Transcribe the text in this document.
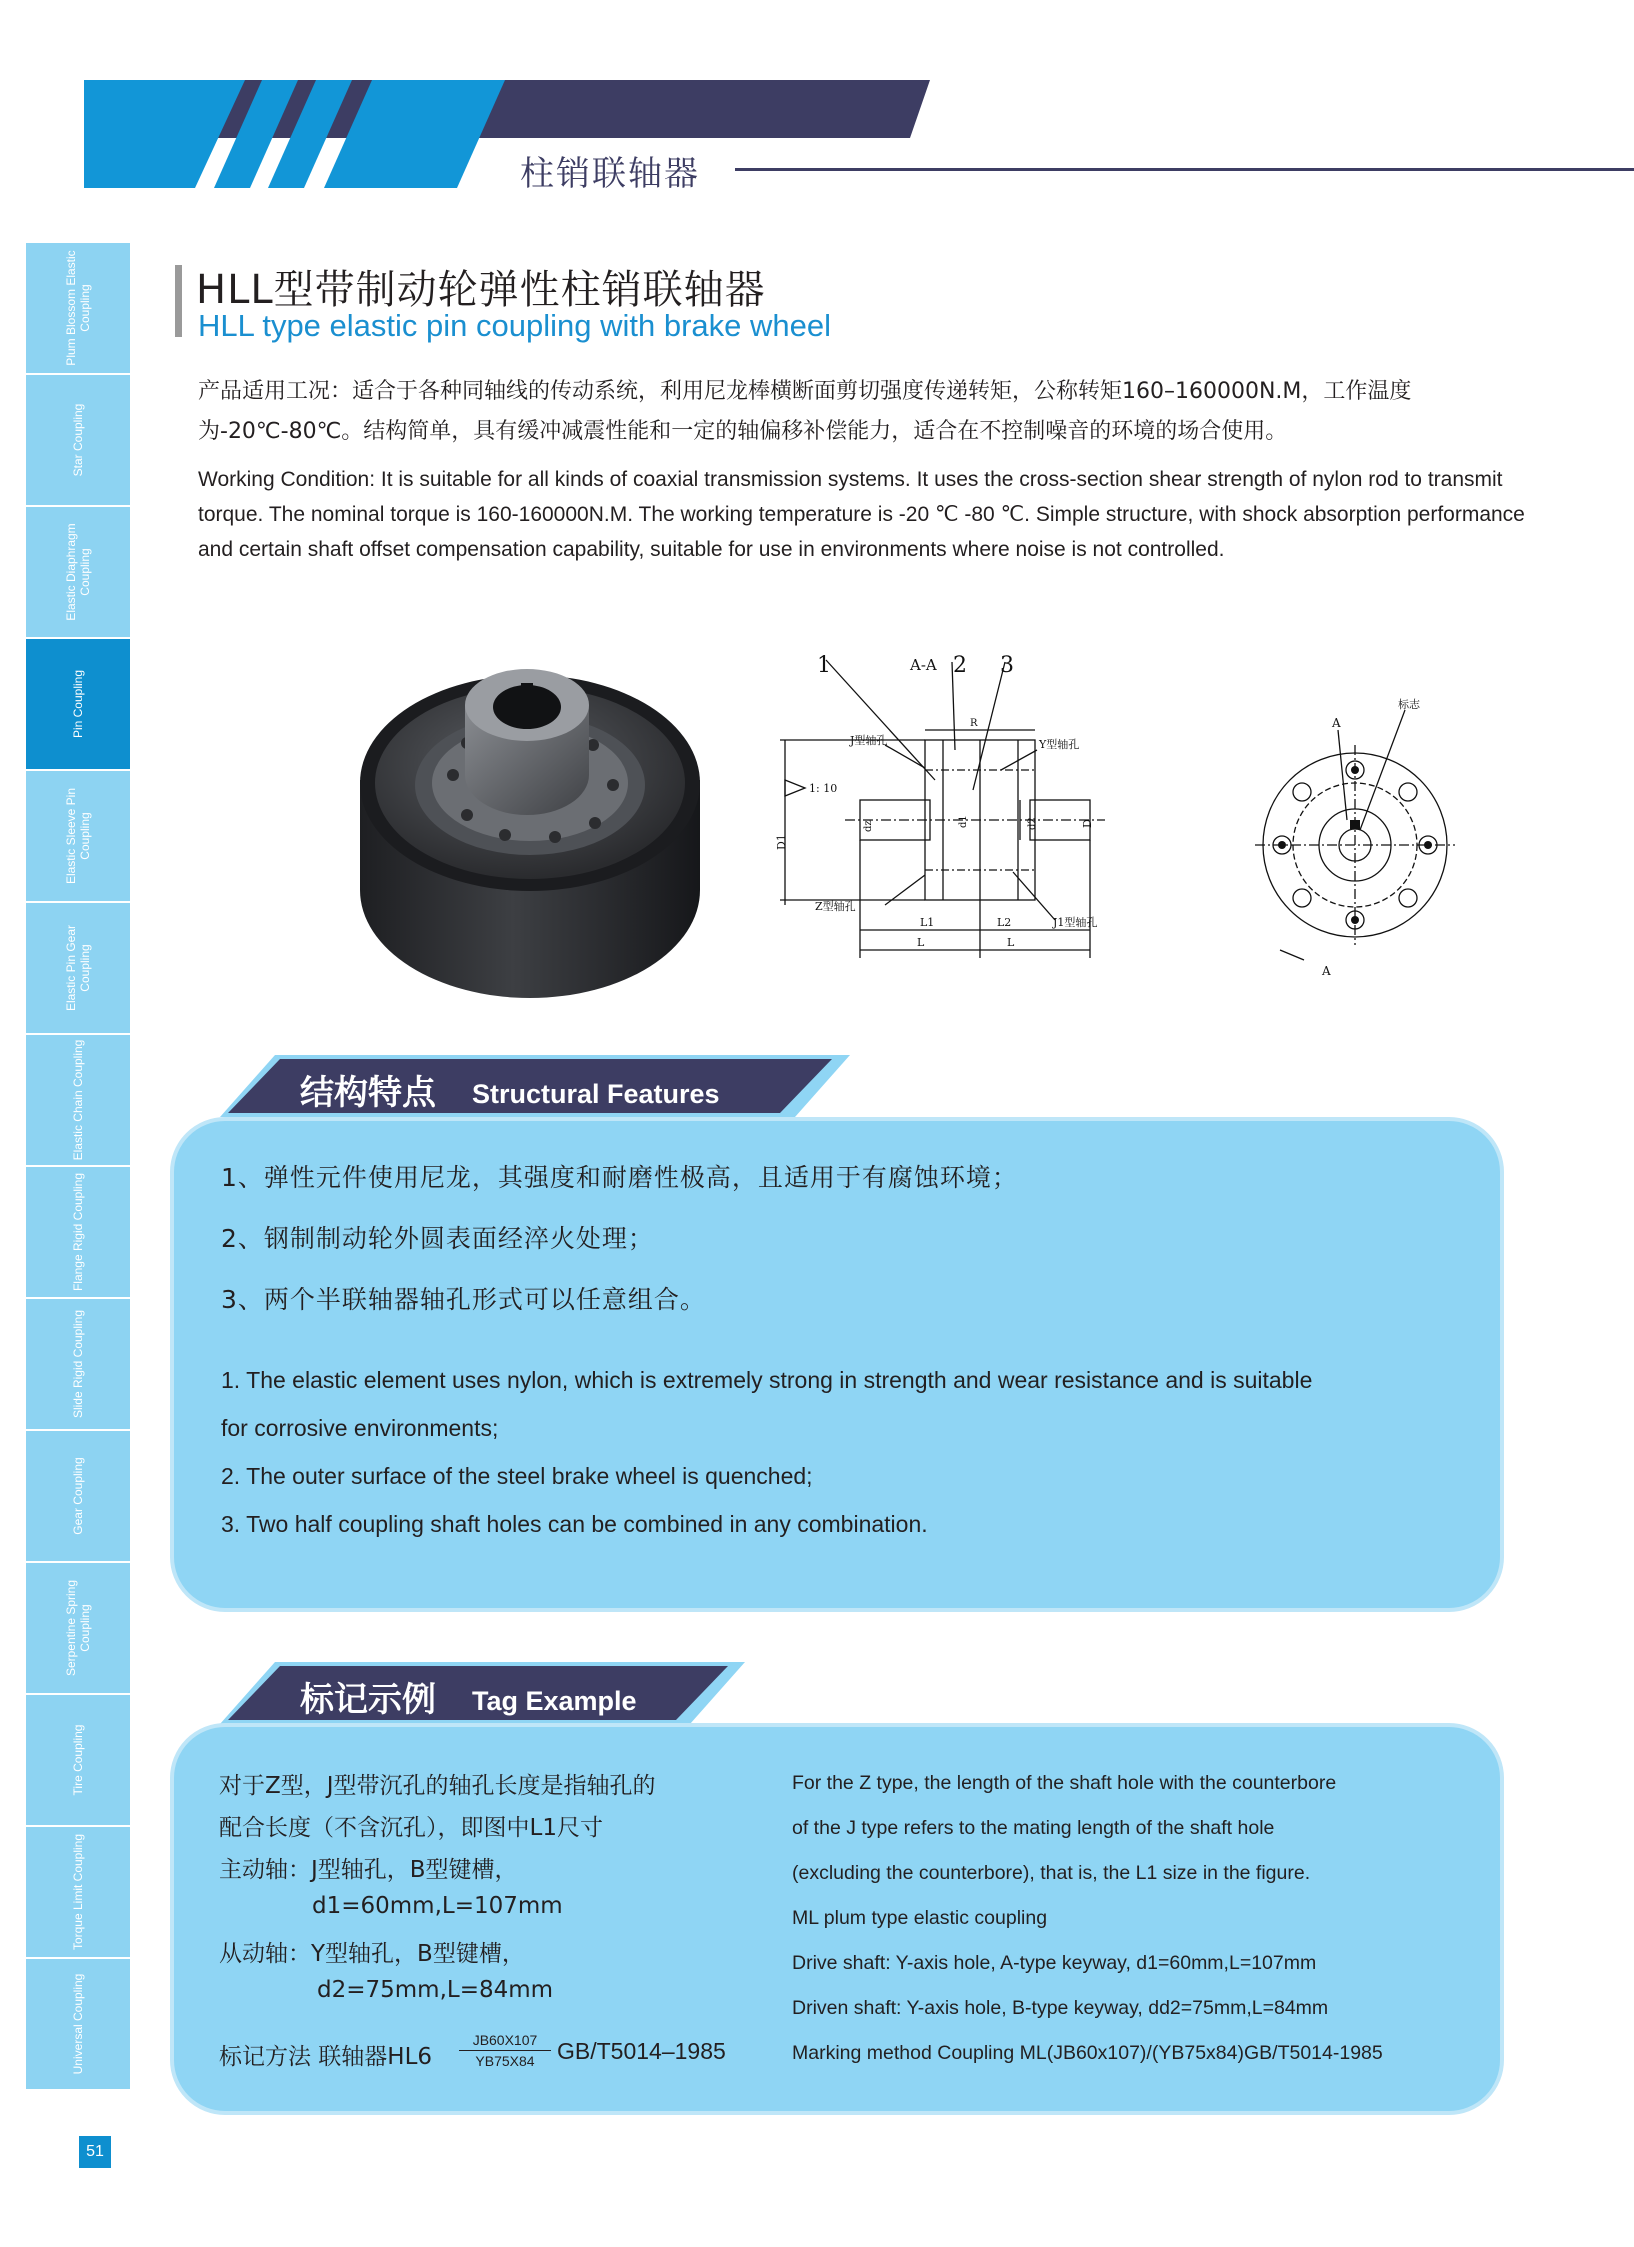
柱销联轴器
Plum Blossom Elastic Coupling
Star Coupling
Elastic Diaphragm Coupling
Pin Coupling
Elastic Sleeve Pin Coupling
Elastic Pin Gear Coupling
Elastic Chain Coupling
Flange Rigid Coupling
Slide Rigid Coupling
Gear Coupling
Serpentine Spring Coupling
Tire Coupling
Torque Limit Coupling
Universal Coupling
51
HLL型带制动轮弹性柱销联轴器
HLL type elastic pin coupling with brake wheel
产品适用工况：适合于各种同轴线的传动系统，利用尼龙棒横断面剪切强度传递转矩，公称转矩160–160000N.M，工作温度为-20℃-80℃。结构简单，具有缓冲减震性能和一定的轴偏移补偿能力，适合在不控制噪音的环境的场合使用。
Working Condition: It is suitable for all kinds of coaxial transmission systems. It uses the cross-section shear strength of nylon rod to transmit torque. The nominal torque is 160-160000N.M. The working temperature is -20 ℃ -80 ℃. Simple structure, with shock absorption performance and certain shaft offset compensation capability, suitable for use in environments where noise is not controlled.
A-A
1	2 3
R
J型轴孔	Y型轴孔
1: 10
D1
D
dz	d1	d2
Z型轴孔
J1型轴孔
L1	L2
L	L
A
A
标志
结构特点 Structural Features
1、弹性元件使用尼龙，其强度和耐磨性极高，且适用于有腐蚀环境；
2、钢制制动轮外圆表面经淬火处理；
3、两个半联轴器轴孔形式可以任意组合。
1. The elastic element uses nylon, which is extremely strong in strength and wear resistance and is suitable
for corrosive environments;
2. The outer surface of the steel brake wheel is quenched;
3. Two half coupling shaft holes can be combined in any combination.
标记示例 Tag Example
对于Z型，J型带沉孔的轴孔长度是指轴孔的
配合长度（不含沉孔），即图中L1尺寸
主动轴：J型轴孔，B型键槽，
d1=60mm,L=107mm
从动轴：Y型轴孔，B型键槽，
d2=75mm,L=84mm
标记方法 联轴器$HL6 \frac{JB60X107}{YB75X84} GB/T5014-1985$
For the Z type, the length of the shaft hole with the counterbore
of the J type refers to the mating length of the shaft hole
(excluding the counterbore), that is, the L1 size in the figure.
ML plum type elastic coupling
Drive shaft: Y-axis hole, A-type keyway, d1=60mm,L=107mm
Driven shaft: Y-axis hole, B-type keyway, dd2=75mm,L=84mm
Marking method Coupling ML(JB60x107)/(YB75x84)GB/T5014-1985
